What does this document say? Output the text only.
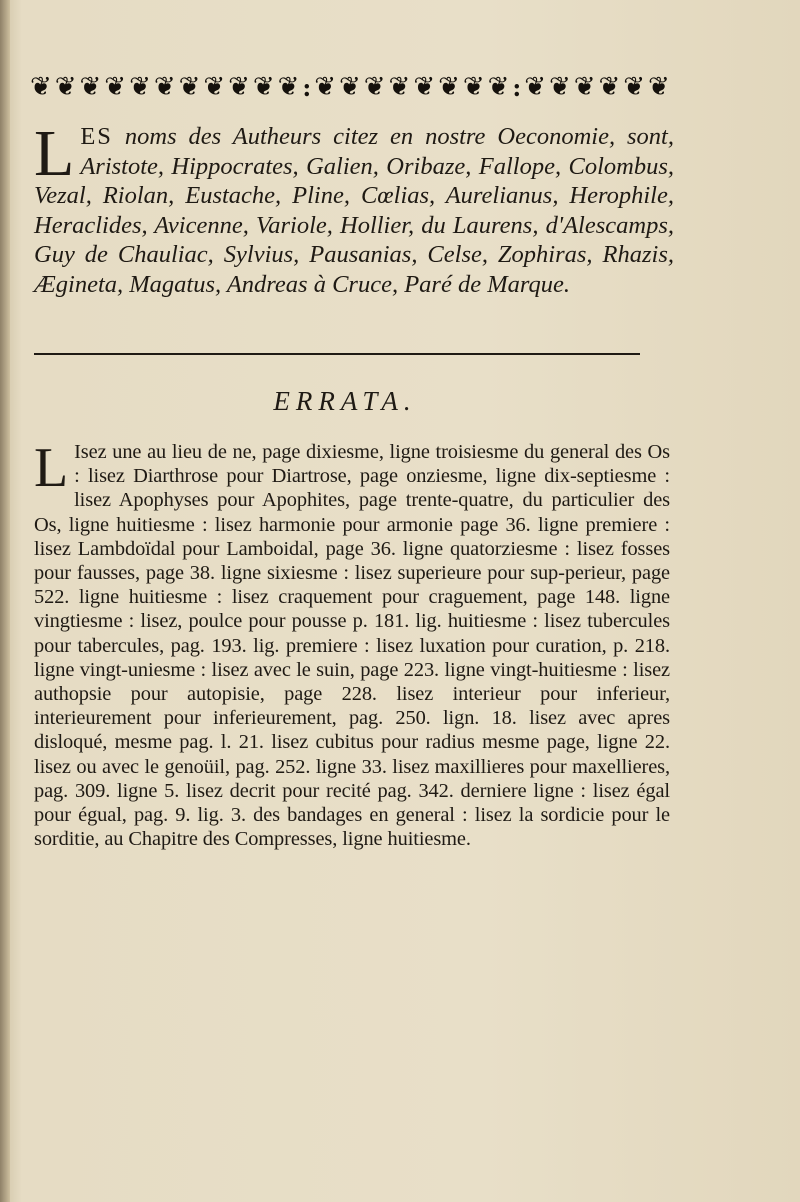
❦ ❦ ❦ ❦ ❦ ❦ ❦ ❦ ❦ ❦ ❦ : ❦ ❦ ❦ ❦ ❦ ❦ ❦ ❦ : ❦ ❦ ❦ ❦ ❦ ❦
LES noms des Autheurs citez en nostre Oeconomie, sont, Aristote, Hippocrates, Galien, Oribaze, Fallope, Colombus, Vezal, Riolan, Eustache, Pline, Cœlias, Aurelianus, Herophile, Heraclides, Avicenne, Variole, Hollier, du Laurens, d'Alescamps, Guy de Chauliac, Sylvius, Pausanias, Celse, Zophiras, Rhazis, Ægineta, Magatus, Andreas à Cruce, Paré de Marque.
ERRATA.
L Isez une au lieu de ne, page dixiesme, ligne troisiesme du general des Os : lisez Diarthrose pour Diartrose, page onziesme, ligne dix-septiesme : lisez Apophyses pour Apophites, page trente-quatre, du particulier des Os, ligne huitiesme : lisez harmonie pour armonie page 36. ligne premiere : lisez Lambdoïdal pour Lamboidal, page 36. ligne quatorziesme : lisez fosses pour fausses, page 38. ligne sixiesme : lisez superieure pour sup-perieur, page 522. ligne huitiesme : lisez craquement pour craguement, page 148. ligne vingtiesme : lisez, poulce pour pousse p. 181. lig. huitiesme : lisez tubercules pour tabercules, pag. 193. lig. premiere : lisez luxation pour curation, p. 218. ligne vingt-uniesme : lisez avec le suin, page 223. ligne vingt-huitiesme : lisez authopsie pour autopisie, page 228. lisez interieur pour inferieur, interieurement pour inferieurement, pag. 250. lign. 18. lisez avec apres disloqué, mesme pag. l. 21. lisez cubitus pour radius mesme page, ligne 22. lisez ou avec le genoüil, pag. 252. ligne 33. lisez maxillieres pour maxellieres, pag. 309. ligne 5. lisez decrit pour recité pag. 342. derniere ligne : lisez égal pour égual, pag. 9. lig. 3. des bandages en general : lisez la sordicie pour le sorditie, au Chapitre des Compresses, ligne huitiesme.
